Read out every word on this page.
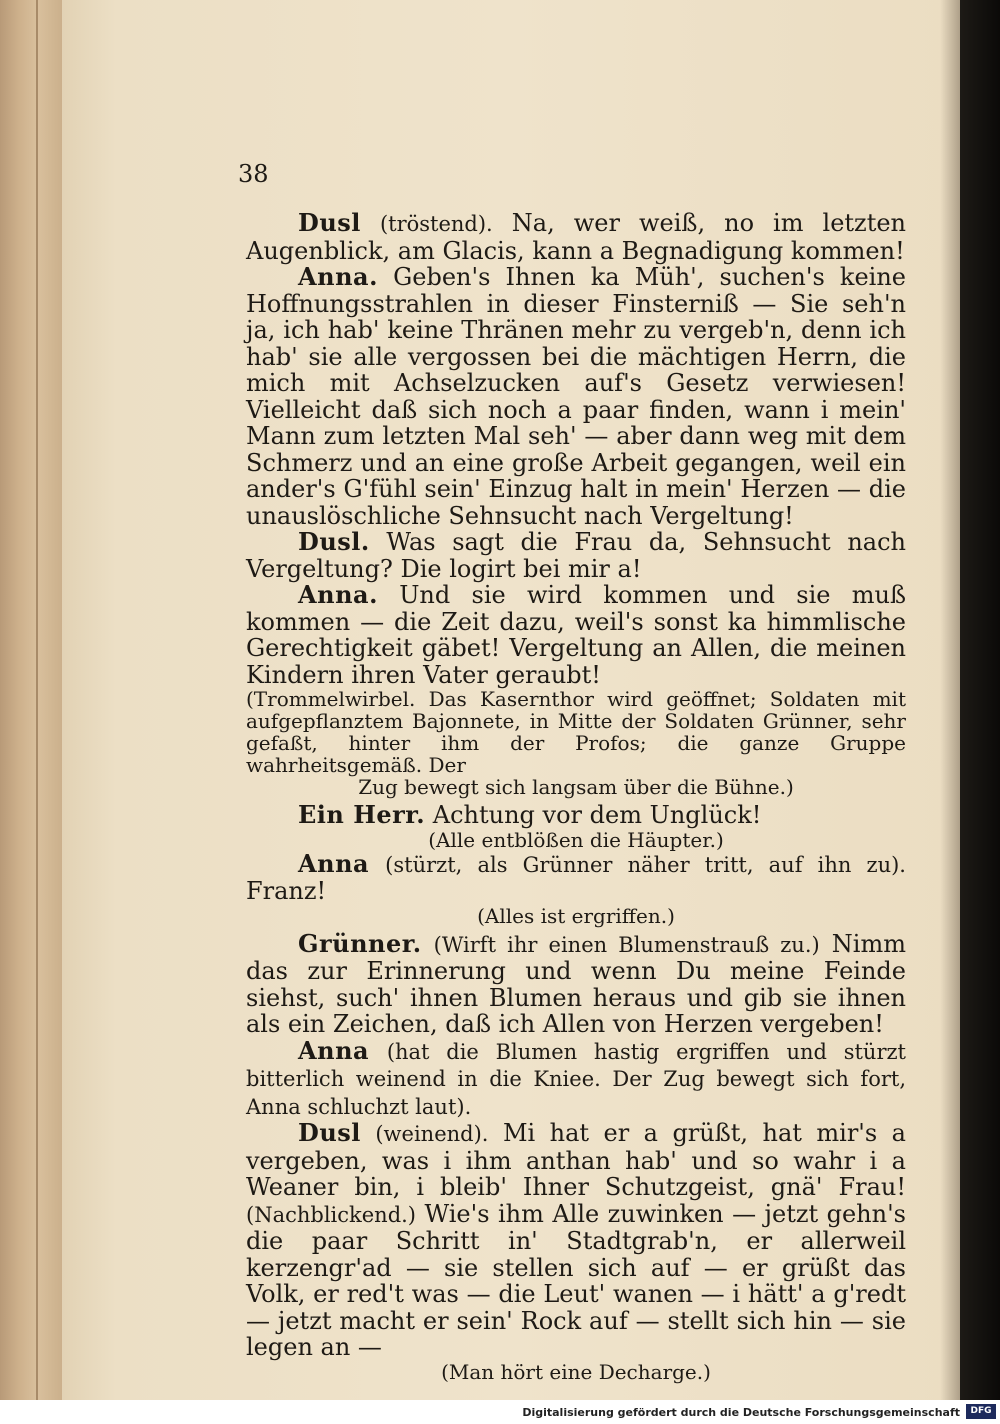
38

Dusl (tröstend). Na, wer weiß, no im letzten Augenblick, am Glacis, kann a Begnadigung kommen!

Anna. Geben's Ihnen ka Müh', suchen's keine Hoffnungsstrahlen in dieser Finsterniß — Sie seh'n ja, ich hab' keine Thränen mehr zu vergeb'n, denn ich hab' sie alle vergossen bei die mächtigen Herrn, die mich mit Achselzucken auf's Gesetz verwiesen! Vielleicht daß sich noch a paar finden, wann i mein' Mann zum letzten Mal seh' — aber dann weg mit dem Schmerz und an eine große Arbeit gegangen, weil ein ander's G'fühl sein' Einzug halt in mein' Herzen — die unauslöschliche Sehnsucht nach Vergeltung!

Dusl. Was sagt die Frau da, Sehnsucht nach Vergeltung? Die logirt bei mir a!

Anna. Und sie wird kommen und sie muß kommen — die Zeit dazu, weil's sonst ka himmlische Gerechtigkeit gäbet! Vergeltung an Allen, die meinen Kindern ihren Vater geraubt!

(Trommelwirbel. Das Kasernthor wird geöffnet; Soldaten mit aufgepflanztem Bajonnete, in Mitte der Soldaten Grünner, sehr gefaßt, hinter ihm der Profos; die ganze Gruppe wahrheitsgemäß. Der

Zug bewegt sich langsam über die Bühne.)

Ein Herr. Achtung vor dem Unglück!

(Alle entblößen die Häupter.)

Anna (stürzt, als Grünner näher tritt, auf ihn zu). Franz!

(Alles ist ergriffen.)

Grünner. (Wirft ihr einen Blumenstrauß zu.) Nimm das zur Erinnerung und wenn Du meine Feinde siehst, such' ihnen Blumen heraus und gib sie ihnen als ein Zeichen, daß ich Allen von Herzen vergeben!

Anna (hat die Blumen hastig ergriffen und stürzt bitterlich weinend in die Kniee. Der Zug bewegt sich fort, Anna schluchzt laut).

Dusl (weinend). Mi hat er a grüßt, hat mir's a vergeben, was i ihm anthan hab' und so wahr i a Weaner bin, i bleib' Ihner Schutzgeist, gnä' Frau! (Nachblickend.) Wie's ihm Alle zuwinken — jetzt gehn's die paar Schritt in' Stadtgrab'n, er allerweil kerzengr'ad — sie stellen sich auf — er grüßt das Volk, er red't was — die Leut' wanen — i hätt' a g'redt — jetzt macht er sein' Rock auf — stellt sich hin — sie legen an —

(Man hört eine Decharge.)

Digitalisierung gefördert durch die Deutsche Forschungsgemeinschaft	DFG
